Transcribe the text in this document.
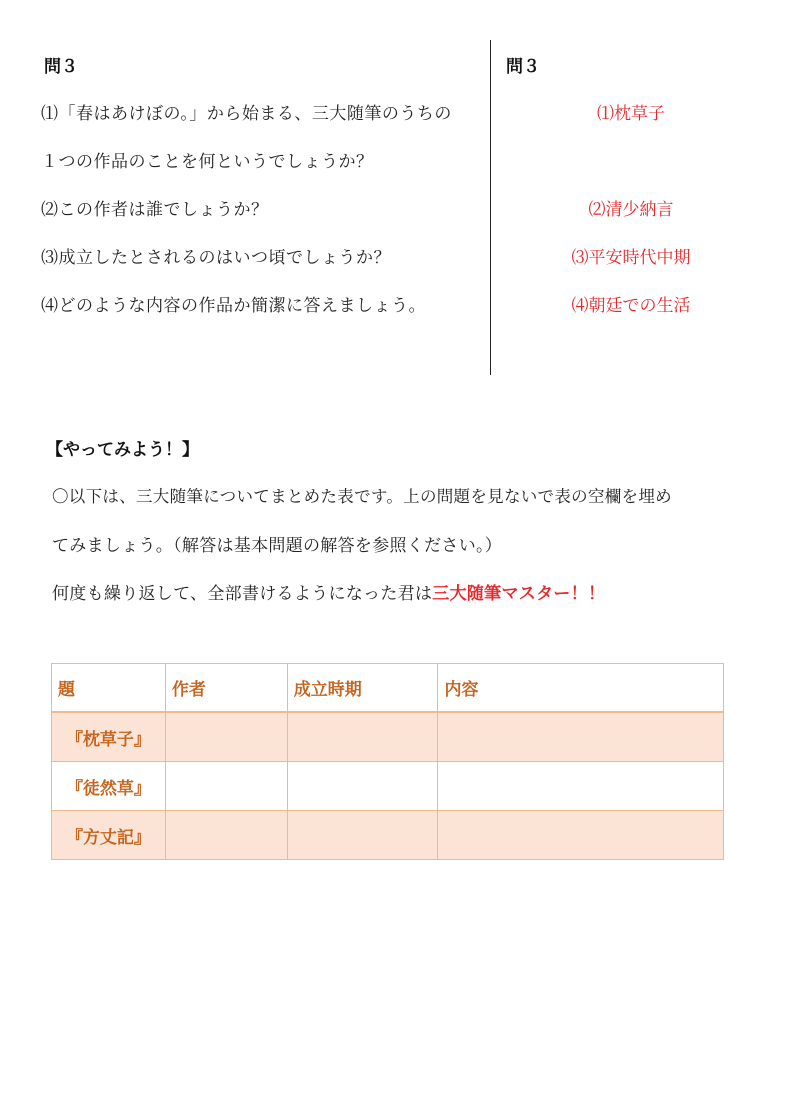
問３
⑴「春はあけぼの。」から始まる、三大随筆のうちの
１つの作品のことを何というでしょうか？
⑵この作者は誰でしょうか？
⑶成立したとされるのはいつ頃でしょうか？
⑷どのような内容の作品か簡潔に答えましょう。
問３
⑴枕草子
⑵清少納言
⑶平安時代中期
⑷朝廷での生活
【やってみよう！】
〇以下は、三大随筆についてまとめた表です。上の問題を見ないで表の空欄を埋め
てみましょう。（解答は基本問題の解答を参照ください。）
何度も繰り返して、全部書けるようになった君は三大随筆マスター！！
題	作者	成立時期	内容
『枕草子』			
『徒然草』			
『方丈記』			
